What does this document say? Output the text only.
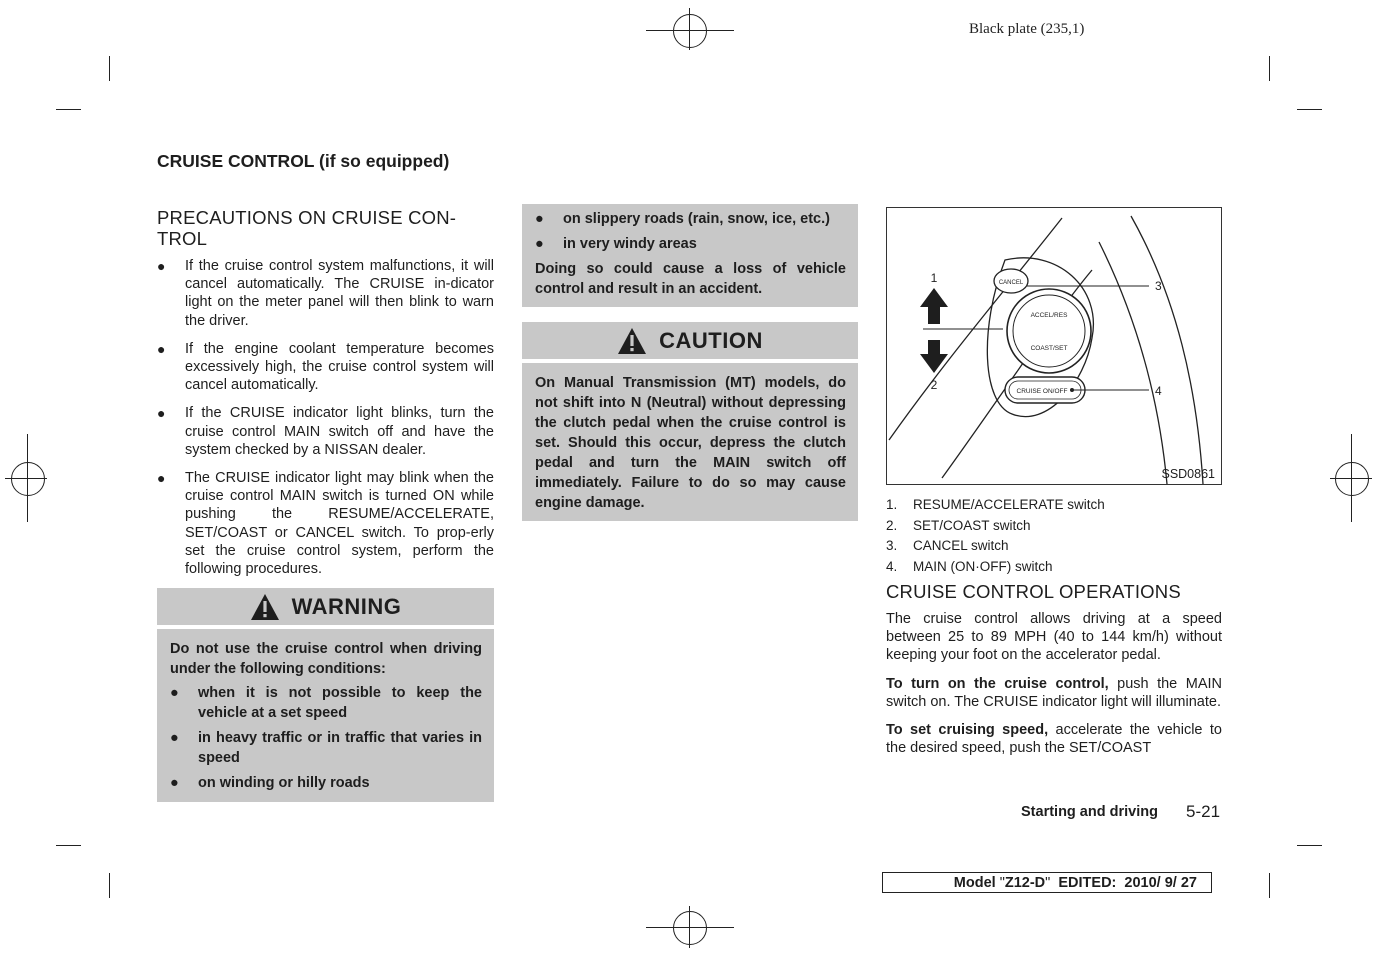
Black plate (235,1)
CRUISE CONTROL (if so equipped)
PRECAUTIONS ON CRUISE CON-
TROL
● If the cruise control system malfunctions, it will cancel automatically. The CRUISE in-dicator light on the meter panel will then blink to warn the driver.
● If the engine coolant temperature becomes excessively high, the cruise control system will cancel automatically.
● If the CRUISE indicator light blinks, turn the cruise control MAIN switch off and have the system checked by a NISSAN dealer.
● The CRUISE indicator light may blink when the cruise control MAIN switch is turned ON while pushing the RESUME/ACCELERATE, SET/COAST or CANCEL switch. To prop-erly set the cruise control system, perform the following procedures.
WARNING

Do not use the cruise control when driving under the following conditions:

● when it is not possible to keep the vehicle at a set speed
● in heavy traffic or in traffic that varies in speed
● on winding or hilly roads
● on slippery roads (rain, snow, ice, etc.)
● in very windy areas

Doing so could cause a loss of vehicle control and result in an accident.

CAUTION

On Manual Transmission (MT) models, do not shift into N (Neutral) without depressing the clutch pedal when the cruise control is set. Should this occur, depress the clutch pedal and turn the MAIN switch off immediately. Failure to do so may cause engine damage.

CANCEL
ACCEL/RES
COAST/SET
CRUISE ON/OFF
1
2
3
4
SSD0861
1. RESUME/ACCELERATE switch
2. SET/COAST switch
3. CANCEL switch
4. MAIN (ON·OFF) switch
CRUISE CONTROL OPERATIONS

The cruise control allows driving at a speed between 25 to 89 MPH (40 to 144 km/h) without keeping your foot on the accelerator pedal.

To turn on the cruise control, push the MAIN switch on. The CRUISE indicator light will illuminate.

To set cruising speed, accelerate the vehicle to the desired speed, push the SET/COAST

Starting and driving 5-21
Model " Z12-D " EDITED:  2010/ 9/ 27
